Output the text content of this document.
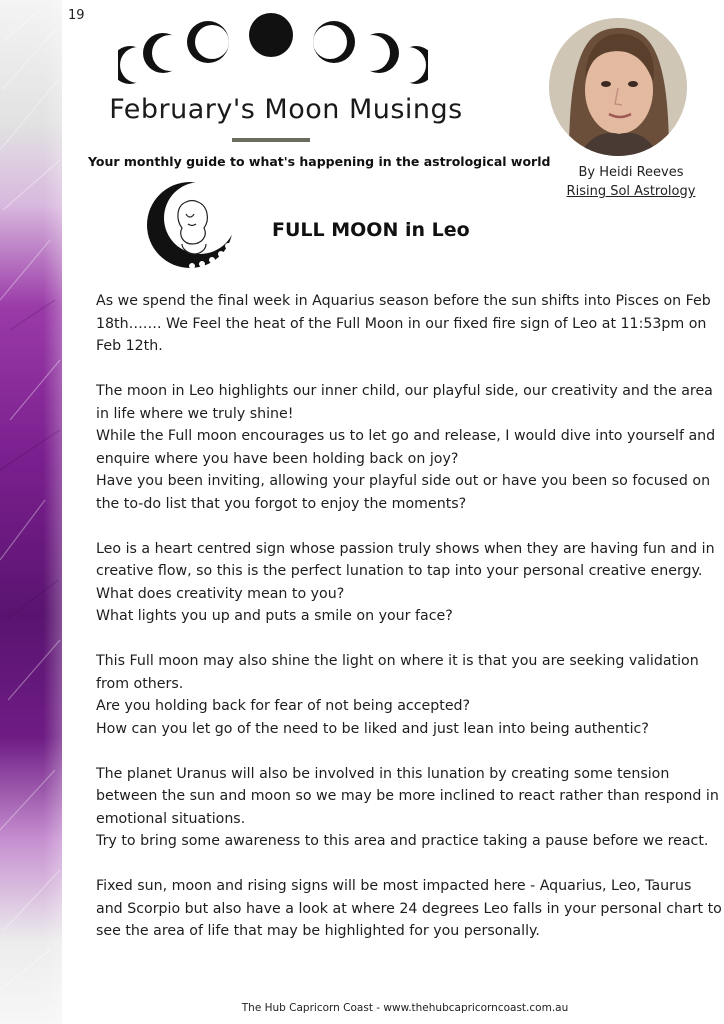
19
February's Moon Musings
Your monthly guide to what's happening in the astrological world
By Heidi Reeves
Rising Sol Astrology
FULL MOON in Leo

As we spend the final week in Aquarius season before the sun shifts into Pisces on Feb 18th……. We Feel the heat of the Full Moon in our fixed fire sign of Leo at 11:53pm on Feb 12th.

The moon in Leo highlights our inner child, our playful side, our creativity and the area in life where we truly shine!
While the Full moon encourages us to let go and release, I would dive into yourself and enquire where you have been holding back on joy?
Have you been inviting, allowing your playful side out or have you been so focused on the to-do list that you forgot to enjoy the moments?

Leo is a heart centred sign whose passion truly shows when they are having fun and in creative flow, so this is the perfect lunation to tap into your personal creative energy.
What does creativity mean to you?
What lights you up and puts a smile on your face?

This Full moon may also shine the light on where it is that you are seeking validation from others.
Are you holding back for fear of not being accepted?
How can you let go of the need to be liked and just lean into being authentic?

The planet Uranus will also be involved in this lunation by creating some tension between the sun and moon so we may be more inclined to react rather than respond in emotional situations.
Try to bring some awareness to this area and practice taking a pause before we react.

Fixed sun, moon and rising signs will be most impacted here - Aquarius, Leo, Taurus and Scorpio but also have a look at where 24 degrees Leo falls in your personal chart to see the area of life that may be highlighted for you personally.

The Hub Capricorn Coast - www.thehubcapricorncoast.com.au
